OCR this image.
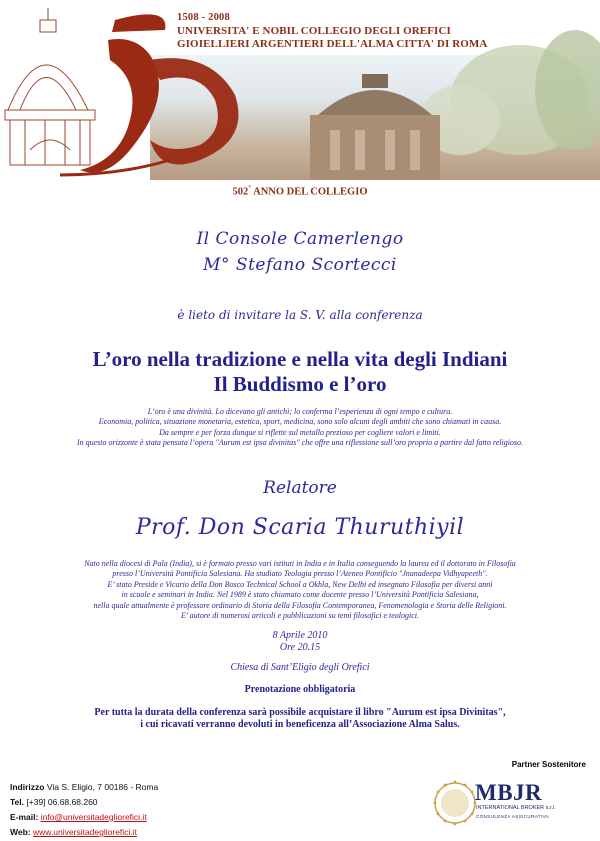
1508 - 2008
UNIVERSITA' E NOBIL COLLEGIO DEGLI OREFICI
GIOIELLIERI ARGENTIERI DELL'ALMA CITTA' DI ROMA
502° ANNO DEL COLLEGIO
Il Console Camerlengo
M° Stefano Scortecci
è lieto di invitare la S. V. alla conferenza
L’oro nella tradizione e nella vita degli Indiani
Il Buddismo e l’oro
L’oro è una divinità. Lo dicevano gli antichi; lo conferma l’esperienza di ogni tempo e cultura.
Economia, politica, situazione monetaria, estetica, sport, medicina, sono solo alcuni degli ambiti che sono chiamati in causa.
Da sempre e per forza dunque si riflette sul metallo prezioso per cogliere valori e limiti.
In questo orizzonte è stata pensata l’opera "Aurum est ipsa divinitas" che offre una riflessione sull’oro proprio a partire dal fatto religioso.
Relatore
Prof. Don Scaria Thuruthiyil
Nato nella diocesi di Pala (India), si è formato presso vari istituti in India e in Italia conseguendo la laurea ed il dottorato in Filosofia
presso l’Università Pontificia Salesiana. Ha studiato Teologia presso l’Ateneo Pontificio "Jnanadeepa Vidhyapeeth".
E’ stato Preside e Vicario della Don Bosco Technical School a Okhla, New Delhi ed insegnato Filosofia per diversi anni
in scuole e seminari in India. Nel 1989 è stato chiamato come docente presso l’Università Pontificia Salesiana,
nella quale attualmente è professore ordinario di Storia della Filosofia Contemporanea, Fenomenologia e Storia delle Religioni.
E’ autore di numerosi articoli e pubblicazioni su temi filosofici e teologici.
8 Aprile 2010
Ore 20.15
Chiesa di Sant’Eligio degli Orefici
Prenotazione obbligatoria
Per tutta la durata della conferenza sarà possibile acquistare il libro "Aurum est ipsa Divinitas",
i cui ricavati verranno devoluti in beneficenza all’Associazione Alma Salus.
Partner Sostenitore
MBJR
INTERNATIONAL BROKER s.r.l.
CONSULENZA ASSICURATIVA
Indirizzo Via S. Eligio, 7 00186 - Roma
Tel. [+39] 06.68.68.260
E-mail: info@universitadegliorefici.it
Web: www.universitadegliorefici.it
